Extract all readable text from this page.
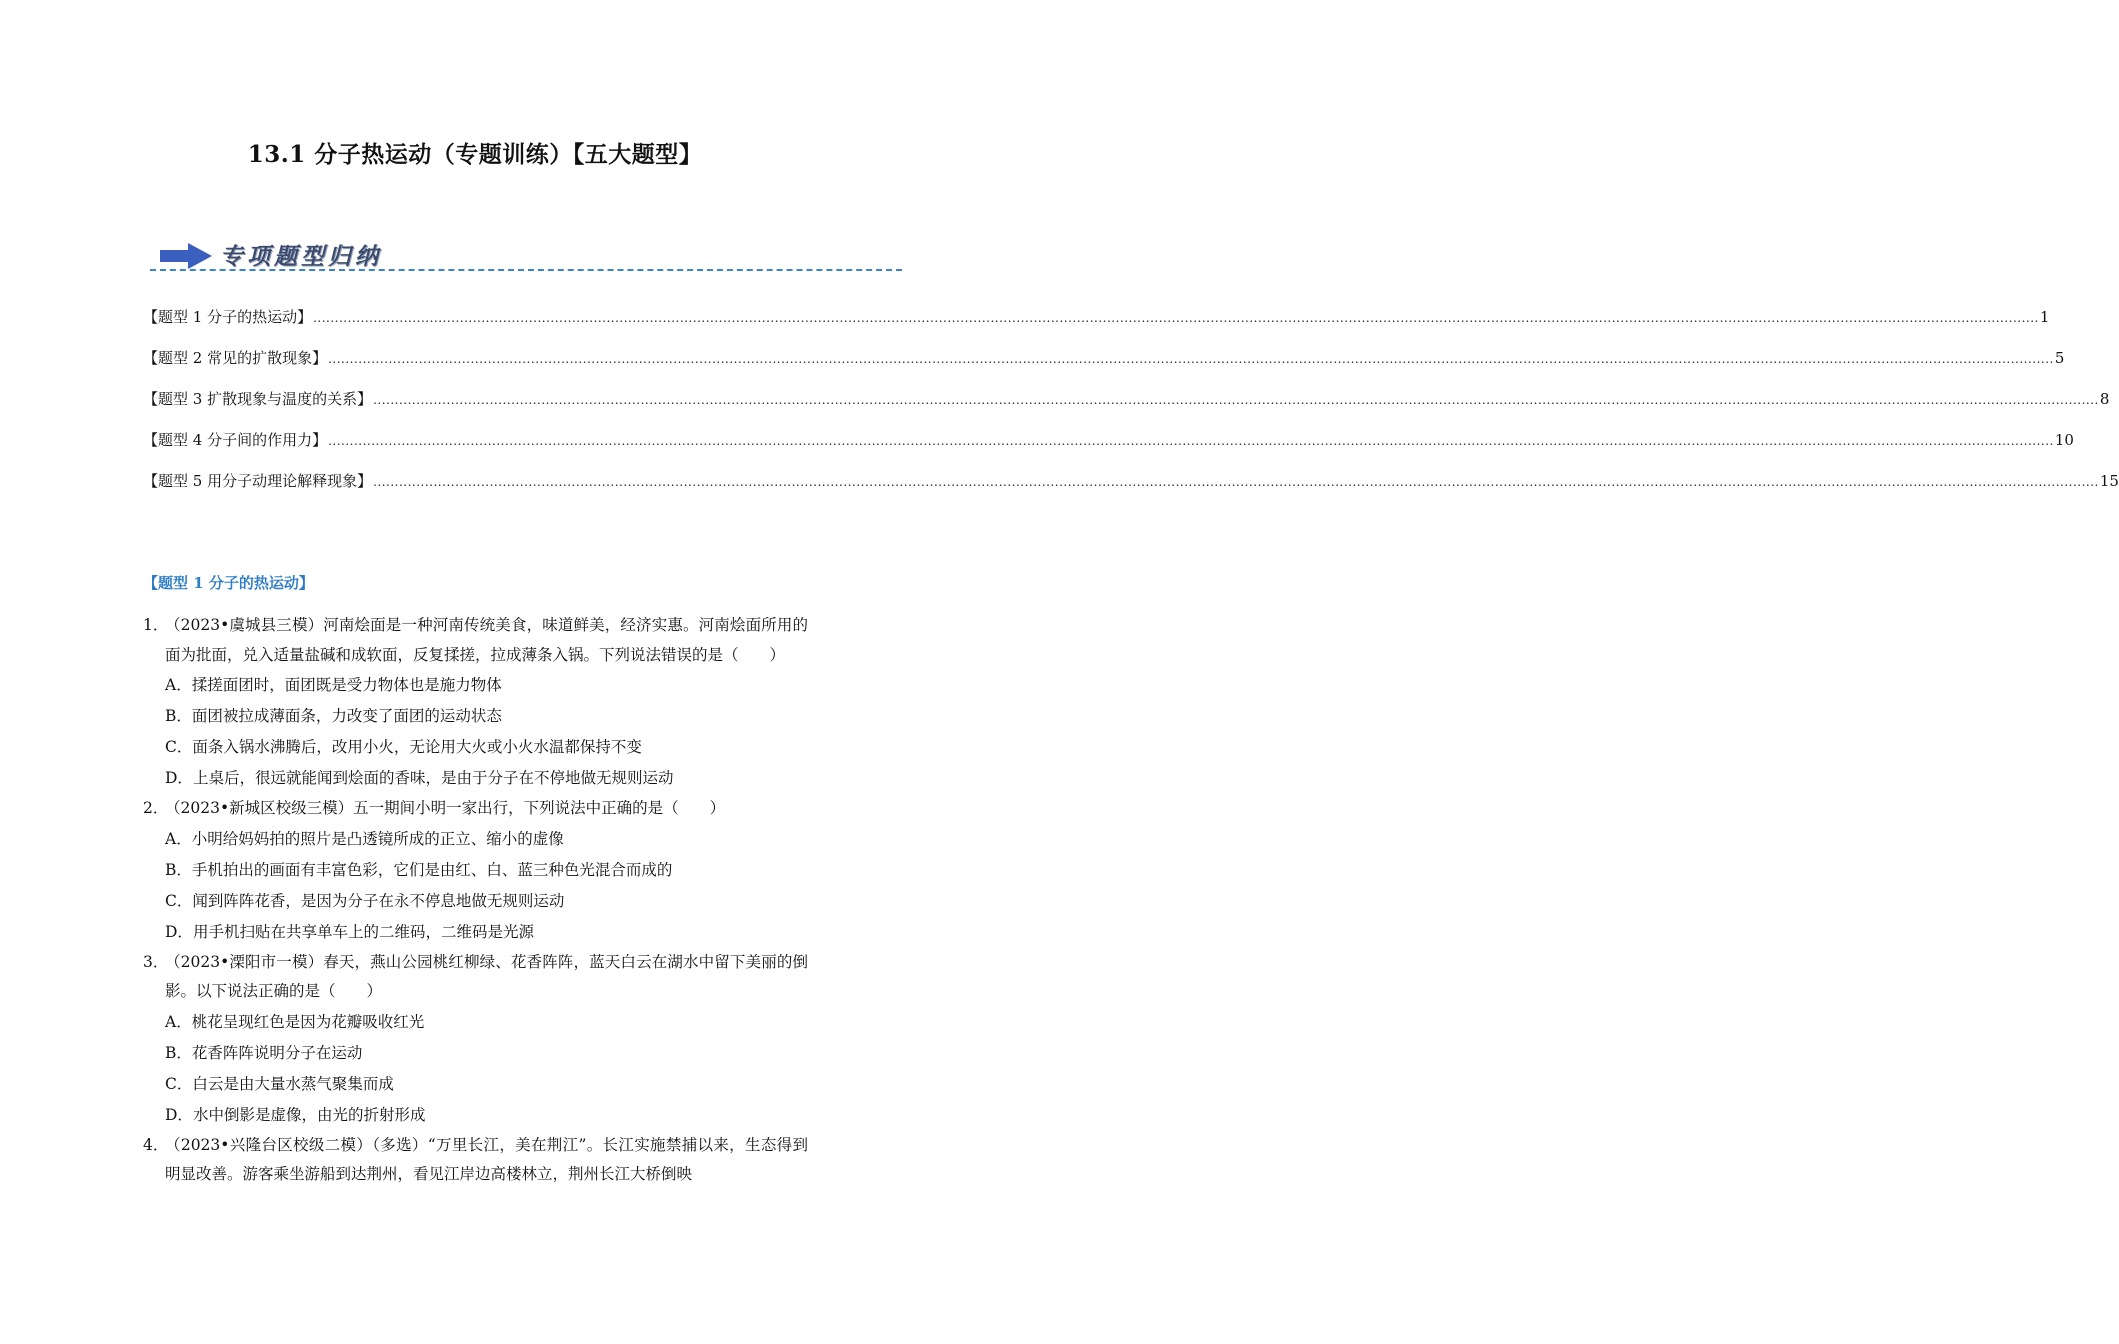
13.1 分子热运动（专题训练）【五大题型】
专项题型归纳
【题型 1 分子的热运动】 ................................................................................................................................................................................................................................................................................................................................................................................................................ 1
【题型 2 常见的扩散现象】 ................................................................................................................................................................................................................................................................................................................................................................................................................ 5
【题型 3 扩散现象与温度的关系】 ................................................................................................................................................................................................................................................................................................................................................................................................................ 8
【题型 4 分子间的作用力】 ................................................................................................................................................................................................................................................................................................................................................................................................................ 10
【题型 5 用分子动理论解释现象】 ................................................................................................................................................................................................................................................................................................................................................................................................................ 15
【题型 1 分子的热运动】
1．
（2023•虞城县三模）河南烩面是一种河南传统美食，味道鲜美，经济实惠。河南烩面所用的面为批面，兑入适量盐碱和成软面，反复揉搓，拉成薄条入锅。下列说法错误的是（　　）
A．揉搓面团时，面团既是受力物体也是施力物体
B．面团被拉成薄面条，力改变了面团的运动状态
C．面条入锅水沸腾后，改用小火，无论用大火或小火水温都保持不变
D．上桌后，很远就能闻到烩面的香味，是由于分子在不停地做无规则运动
2．
（2023•新城区校级三模）五一期间小明一家出行，下列说法中正确的是（　　）
A．小明给妈妈拍的照片是凸透镜所成的正立、缩小的虚像
B．手机拍出的画面有丰富色彩，它们是由红、白、蓝三种色光混合而成的
C．闻到阵阵花香，是因为分子在永不停息地做无规则运动
D．用手机扫贴在共享单车上的二维码，二维码是光源
3．
（2023•溧阳市一模）春天，燕山公园桃红柳绿、花香阵阵，蓝天白云在湖水中留下美丽的倒影。以下说法正确的是（　　）
A．桃花呈现红色是因为花瓣吸收红光
B．花香阵阵说明分子在运动
C．白云是由大量水蒸气聚集而成
D．水中倒影是虚像，由光的折射形成
4．
（2023•兴隆台区校级二模）（多选）“万里长江，美在荆江”。长江实施禁捕以来，生态得到明显改善。游客乘坐游船到达荆州，看见江岸边高楼林立，荆州长江大桥倒映
